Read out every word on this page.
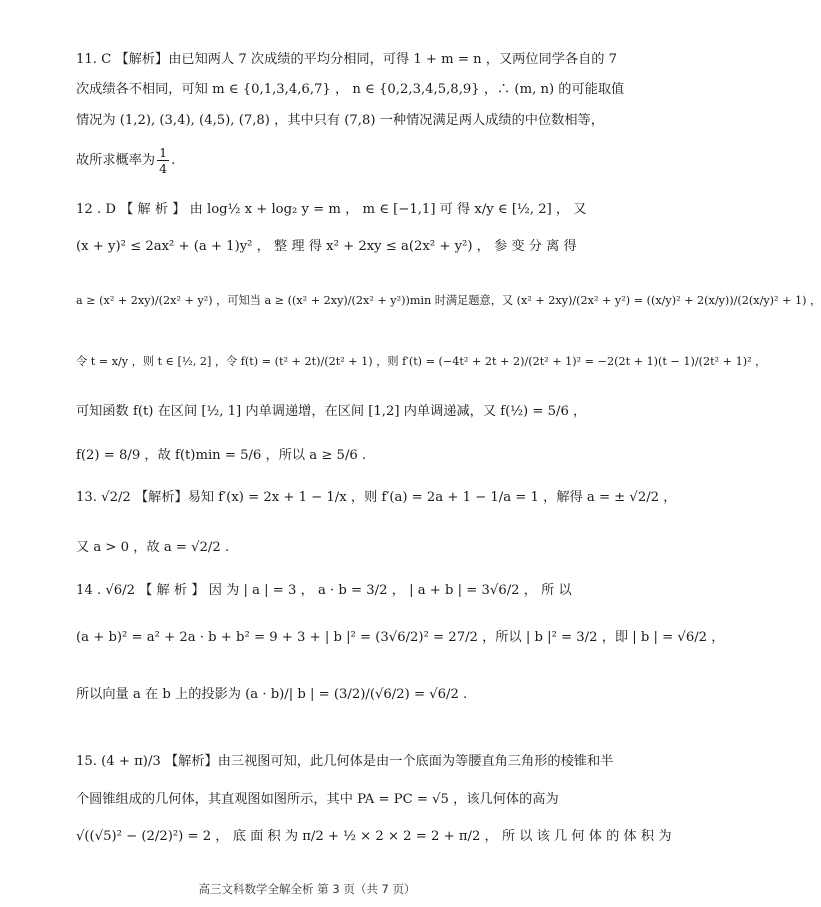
11. C 【解析】由已知两人 7 次成绩的平均分相同，可得 1 + m = n ，又两位同学各自的 7
次成绩各不相同，可知 m ∈ {0,1,3,4,6,7} ， n ∈ {0,2,3,4,5,8,9} ，∴ (m, n) 的可能取值
情况为 (1,2), (3,4), (4,5), (7,8) ，其中只有 (7,8) 一种情况满足两人成绩的中位数相等，
故所求概率为 $\frac{1}{4}$ .
12 . D 【 解 析 】 由 log½ x + log₂ y = m ， m ∈ [−1,1] 可 得 x/y ∈ [½, 2] ， 又
(x + y)² ≤ 2ax² + (a + 1)y² ， 整 理 得 x² + 2xy ≤ a(2x² + y²) ， 参 变 分 离 得
a ≥ (x² + 2xy)/(2x² + y²) ，可知当 a ≥ ((x² + 2xy)/(2x² + y²))min 时满足题意，又 (x² + 2xy)/(2x² + y²) = ((x/y)² + 2(x/y))/(2(x/y)² + 1) ，
令 t = x/y ，则 t ∈ [½, 2] ，令 f(t) = (t² + 2t)/(2t² + 1) ，则 f′(t) = (−4t² + 2t + 2)/(2t² + 1)² = −2(2t + 1)(t − 1)/(2t² + 1)² ，
可知函数 f(t) 在区间 [½, 1] 内单调递增，在区间 [1,2] 内单调递减，又 f(½) = 5/6 ，
f(2) = 8/9 ，故 f(t)min = 5/6 ，所以 a ≥ 5/6 .
13. √2/2 【解析】易知 f′(x) = 2x + 1 − 1/x ，则 f′(a) = 2a + 1 − 1/a = 1 ，解得 a = ± √2/2 ，
又 a > 0 ，故 a = √2/2 .
14 . √6/2 【 解 析 】 因 为 | a | = 3 ， a · b = 3/2 ， | a + b | = 3√6/2 ， 所 以
(a + b)² = a² + 2a · b + b² = 9 + 3 + | b |² = (3√6/2)² = 27/2 ，所以 | b |² = 3/2 ，即 | b | = √6/2 ，
所以向量 a 在 b 上的投影为 (a · b)/| b | = (3/2)/(√6/2) = √6/2 .
15. (4 + π)/3 【解析】由三视图可知，此几何体是由一个底面为等腰直角三角形的棱锥和半
个圆锥组成的几何体，其直观图如图所示，其中 PA = PC = √5 ，该几何体的高为
√((√5)² − (2/2)²) = 2 ， 底 面 积 为 π/2 + ½ × 2 × 2 = 2 + π/2 ， 所 以 该 几 何 体 的 体 积 为
高三文科数学全解全析 第 3 页（共 7 页）
